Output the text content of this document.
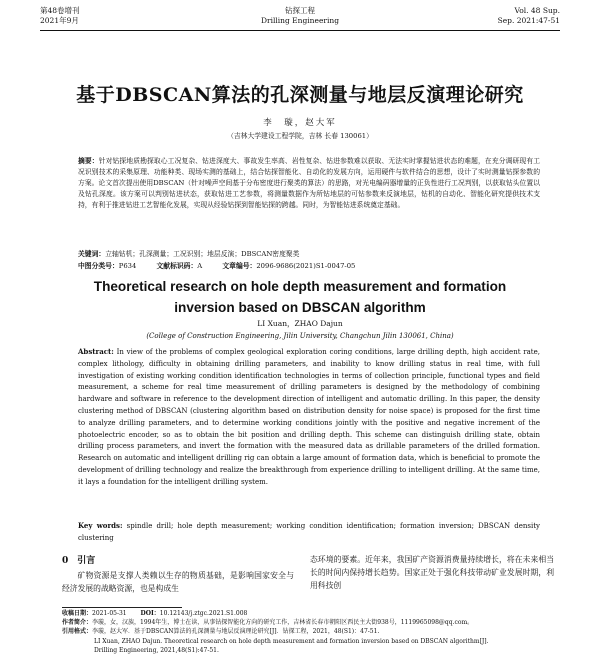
第48卷增刊
2021年9月
钻探工程
Drilling Engineering
Vol. 48 Sup.
Sep. 2021:47-51
基于DBSCAN算法的孔深测量与地层反演理论研究
李　璇，赵大军
（吉林大学建设工程学院，吉林 长春 130061）
摘要：针对钻探地质勘探取心工况复杂、钻进深度大、事故发生率高、岩性复杂、钻进参数难以获取、无法实时掌握钻进状态的难题，在充分调研现有工况识别技术的采集原理、功能种类、现场实测的基础上，结合钻探智能化、自动化的发展方向，运用硬件与软件结合的思想，设计了实时测量钻探参数的方案。论文首次提出使用DBSCAN（针对噪声空间基于分布密度进行聚类的算法）的思路，对光电编码器增量的正负性进行工况判别，以获取钻头位置以及钻孔深度。该方案可以判别钻进状态，获取钻进工艺参数，将测量数据作为所钻地层的可钻参数来反演地层，钻机的自动化、智能化研究提供技术支持，有利于推进钻进工艺智能化发展，实现从经验钻探到智能钻探的跨越。同时，为智能钻进系统奠定基础。
关键词：立轴钻机；孔深测量；工况识别；地层反演；DBSCAN密度聚类
中图分类号：P634	文献标识码：A	文章编号：2096-9686(2021)S1-0047-05
Theoretical research on hole depth measurement and formation
inversion based on DBSCAN algorithm
LI Xuan，ZHAO Dajun
(College of Construction Engineering, Jilin University, Changchun Jilin 130061, China)
Abstract: In view of the problems of complex geological exploration coring conditions, large drilling depth, high accident rate, complex lithology, difficulty in obtaining drilling parameters, and inability to know drilling status in real time, with full investigation of existing working condition identification technologies in terms of collection principle, functional types and field measurement, a scheme for real time measurement of drilling parameters is designed by the methodology of combining hardware and software in reference to the development direction of intelligent and automatic drilling. In this paper, the density clustering method of DBSCAN (clustering algorithm based on distribution density for noise space) is proposed for the first time to analyze drilling parameters, and to determine working conditions jointly with the positive and negative increment of the photoelectric encoder, so as to obtain the bit position and drilling depth. This scheme can distinguish drilling state, obtain drilling process parameters, and invert the formation with the measured data as drillable parameters of the drilled formation. Research on automatic and intelligent drilling rig can obtain a large amount of formation data, which is beneficial to promote the development of drilling technology and realize the breakthrough from experience drilling to intelligent drilling. At the same time, it lays a foundation for the intelligent drilling system.
Key words: spindle drill; hole depth measurement; working condition identification; formation inversion; DBSCAN density clustering
0　引言
矿物资源是支撑人类赖以生存的物质基础，是影响国家安全与经济发展的战略资源，也是构成生
态环境的要素。近年来，我国矿产资源消费量持续增长，将在未来相当长的时间内保持增长趋势。国家正处于强化科技带动矿业发展时期，利用科技创
收稿日期：2021-05-31 DOI：10.12143/j.ztgc.2021.S1.008
作者简介：李璇，女，汉族，1994年生，博士在读，从事钻探智能化方向的研究工作，吉林省长春市朝阳区西民主大街938号，1119965098@qq.com。
引用格式：李璇，赵大军．基于DBSCAN算法的孔深测量与地层反演理论研究[J]．钻探工程，2021，48(S1)：47-51.
LI Xuan, ZHAO Dajun. Theoretical research on hole depth measurement and formation inversion based on DBSCAN algorithm[J].
Drilling Engineering, 2021,48(S1):47-51.
